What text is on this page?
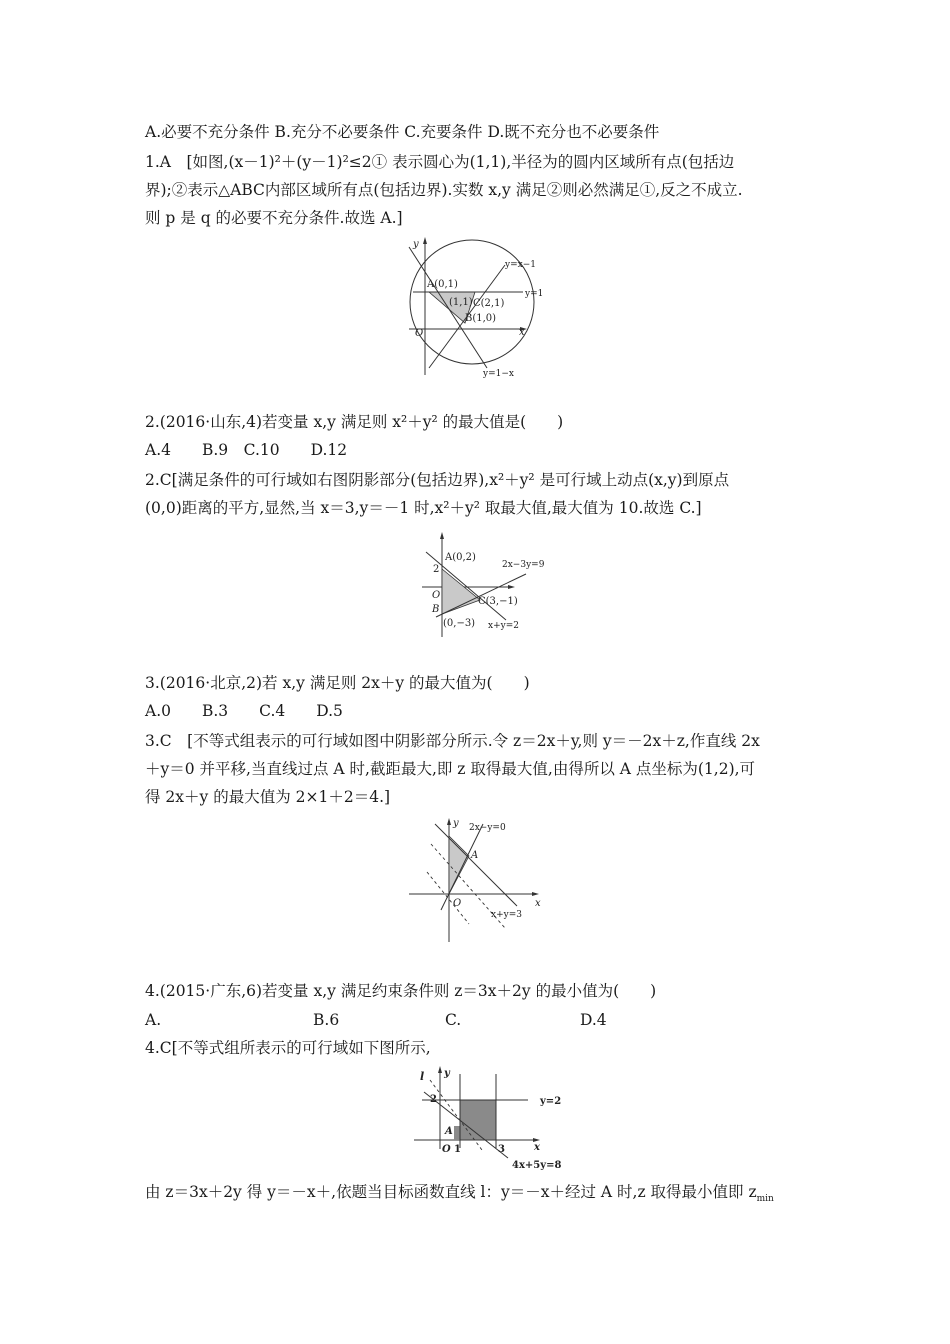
A.必要不充分条件 B.充分不必要条件 C.充要条件 D.既不充分也不必要条件
1.A　[如图,(x－1)²＋(y－1)²≤2① 表示圆心为(1,1),半径为的圆内区域所有点(包括边
界);②表示△ABC内部区域所有点(包括边界).实数 x,y 满足②则必然满足①,反之不成立.
则 p 是 q 的必要不充分条件.故选 A.]
y
x
O
A(0,1)
(1,1) C(2,1)
B(1,0)
y=x−1
y=1
y=1−x
2.(2016·山东,4)若变量 x,y 满足则 x²＋y² 的最大值是(　　)
A.4　　B.9　C.10　　D.12
2.C[满足条件的可行域如右图阴影部分(包括边界),x²＋y² 是可行域上动点(x,y)到原点
(0,0)距离的平方,显然,当 x＝3,y＝－1 时,x²＋y² 取最大值,最大值为 10.故选 C.]
A(0,2)
2
O
B
C(3,−1)
(0,−3)
2x−3y=9
x+y=2
3.(2016·北京,2)若 x,y 满足则 2x＋y 的最大值为(　　)
A.0　　B.3　　C.4　　D.5
3.C　[不等式组表示的可行域如图中阴影部分所示.令 z＝2x＋y,则 y＝－2x＋z,作直线 2x
＋y＝0 并平移,当直线过点 A 时,截距最大,即 z 取得最大值,由得所以 A 点坐标为(1,2),可
得 2x＋y 的最大值为 2×1＋2＝4.]
y
x
O
A
2x−y=0
x+y=3
4.(2015·广东,6)若变量 x,y 满足约束条件则 z＝3x＋2y 的最小值为(　　)
A.	B.6	C.	D.4
4.C[不等式组所表示的可行域如下图所示,
l y
2
A
O 1	3	x
y=2
4x+5y=8
由 z＝3x＋2y 得 y＝－x＋,依题当目标函数直线 l：y＝－x＋经过 A 时,z 取得最小值即 $z_{min}$
